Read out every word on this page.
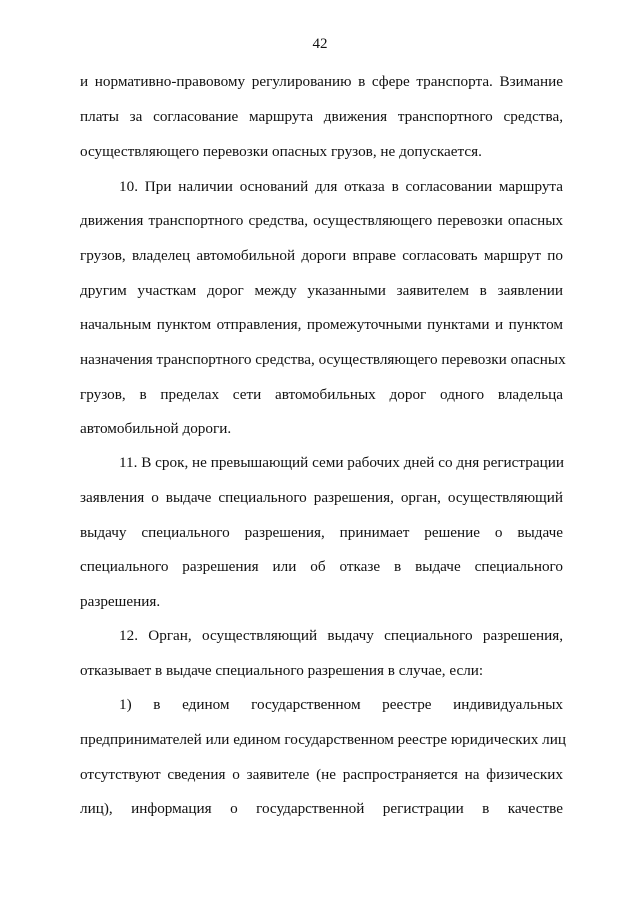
42
и нормативно-правовому регулированию в сфере транспорта. Взимание
платы за согласование маршрута движения транспортного средства,
осуществляющего перевозки опасных грузов, не допускается.
10. При наличии оснований для отказа в согласовании маршрута
движения транспортного средства, осуществляющего перевозки опасных
грузов, владелец автомобильной дороги вправе согласовать маршрут по
другим участкам дорог между указанными заявителем в заявлении
начальным пунктом отправления, промежуточными пунктами и пунктом
назначения транспортного средства, осуществляющего перевозки опасных
грузов, в пределах сети автомобильных дорог одного владельца
автомобильной дороги.
11. В срок, не превышающий семи рабочих дней со дня регистрации
заявления о выдаче специального разрешения, орган, осуществляющий
выдачу специального разрешения, принимает решение о выдаче
специального разрешения или об отказе в выдаче специального
разрешения.
12. Орган, осуществляющий выдачу специального разрешения,
отказывает в выдаче специального разрешения в случае, если:
1) в едином государственном реестре индивидуальных
предпринимателей или едином государственном реестре юридических лиц
отсутствуют сведения о заявителе (не распространяется на физических
лиц), информация о государственной регистрации в качестве
